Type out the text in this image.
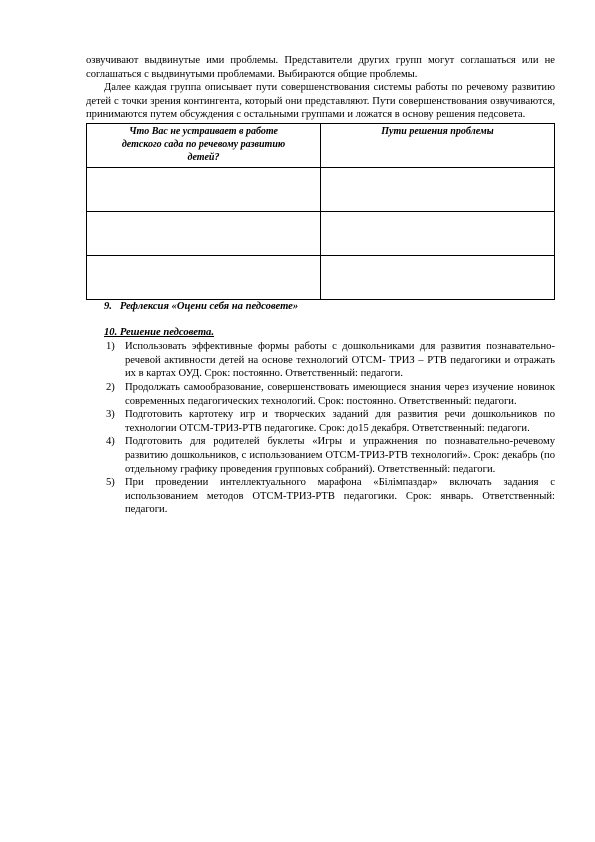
озвучивают выдвинутые ими проблемы. Представители других групп могут соглашаться или не соглашаться с выдвинутыми проблемами. Выбираются общие проблемы.

Далее каждая группа описывает пути совершенствования системы работы по речевому развитию детей с точки зрения контингента, который они представляют. Пути совершенствования озвучиваются, принимаются путем обсуждения с остальными группами и ложатся в основу решения педсовета.

Что Вас не устраивает в работе детского сада по речевому развитию детей?	Пути решения проблемы

9. Рефлексия «Оцени себя на педсовете»
10. Решение педсовета.
1) Использовать эффективные формы работы с дошкольниками для развития познавательно-речевой активности детей на основе технологий ОТСМ- ТРИЗ – РТВ педагогики и отражать их в картах ОУД. Срок: постоянно. Ответственный: педагоги.
2) Продолжать самообразование, совершенствовать имеющиеся знания через изучение новинок современных педагогических технологий. Срок: постоянно. Ответственный: педагоги.
3) Подготовить картотеку игр и творческих заданий для развития речи дошкольников по технологии ОТСМ-ТРИЗ-РТВ педагогике. Срок: до15 декабря. Ответственный: педагоги.
4) Подготовить для родителей буклеты «Игры и упражнения по познавательно-речевому развитию дошкольников, с использованием ОТСМ-ТРИЗ-РТВ технологий». Срок: декабрь (по отдельному графику проведения групповых собраний). Ответственный: педагоги.
5) При проведении интеллектуального марафона «Білімпаздар» включать задания с использованием методов ОТСМ-ТРИЗ-РТВ педагогики. Срок: январь. Ответственный: педагоги.
